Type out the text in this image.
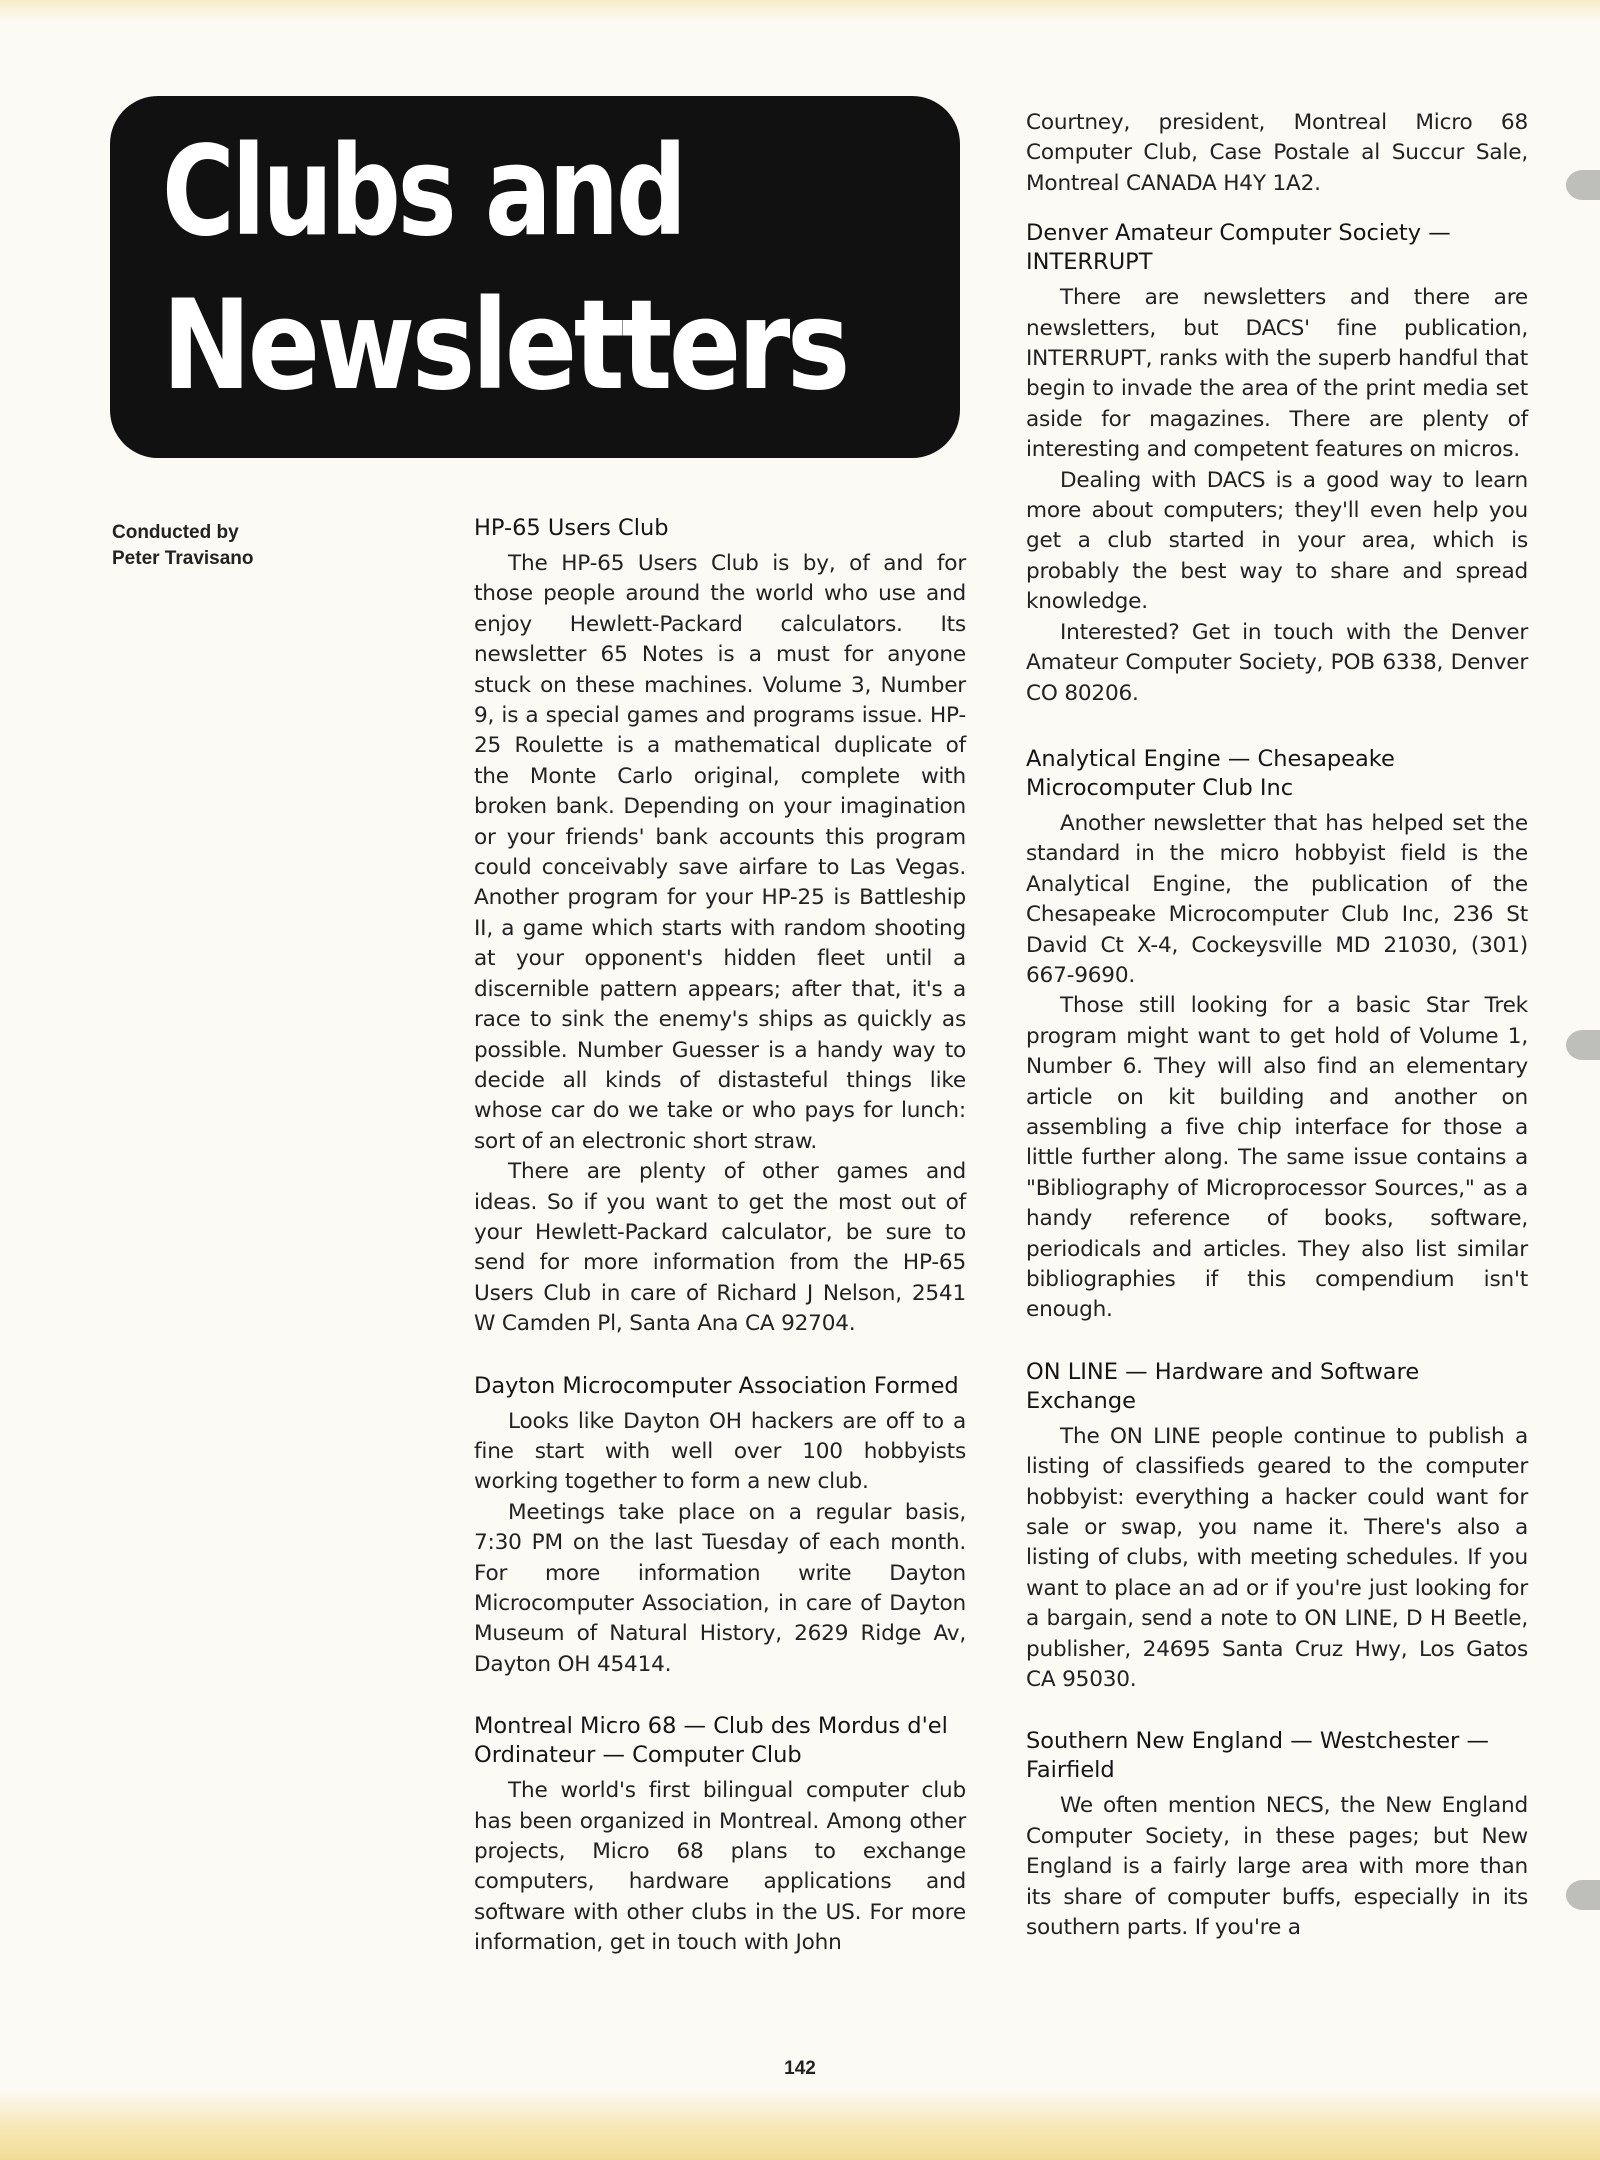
Clubs and
Newsletters
Conducted by
Peter Travisano
HP-65 Users Club

The HP-65 Users Club is by, of and for those people around the world who use and enjoy Hewlett-Packard calculators. Its newsletter 65 Notes is a must for anyone stuck on these machines. Volume 3, Number 9, is a special games and programs issue. HP-25 Roulette is a mathematical duplicate of the Monte Carlo original, complete with broken bank. Depending on your imagination or your friends' bank accounts this program could conceivably save airfare to Las Vegas. Another program for your HP-25 is Battleship II, a game which starts with random shooting at your opponent's hidden fleet until a discernible pattern appears; after that, it's a race to sink the enemy's ships as quickly as possible. Number Guesser is a handy way to decide all kinds of distasteful things like whose car do we take or who pays for lunch: sort of an electronic short straw.

There are plenty of other games and ideas. So if you want to get the most out of your Hewlett-Packard calculator, be sure to send for more information from the HP-65 Users Club in care of Richard J Nelson, 2541 W Camden Pl, Santa Ana CA 92704.

Dayton Microcomputer Association Formed

Looks like Dayton OH hackers are off to a fine start with well over 100 hobbyists working together to form a new club.

Meetings take place on a regular basis, 7:30 PM on the last Tuesday of each month. For more information write Dayton Microcomputer Association, in care of Dayton Museum of Natural History, 2629 Ridge Av, Dayton OH 45414.

Montreal Micro 68 — Club des Mordus d'el Ordinateur — Computer Club

The world's first bilingual computer club has been organized in Montreal. Among other projects, Micro 68 plans to exchange computers, hardware applications and software with other clubs in the US. For more information, get in touch with John

Courtney, president, Montreal Micro 68 Computer Club, Case Postale al Succur Sale, Montreal CANADA H4Y 1A2.

Denver Amateur Computer Society — INTERRUPT

There are newsletters and there are newsletters, but DACS' fine publication, INTERRUPT, ranks with the superb handful that begin to invade the area of the print media set aside for magazines. There are plenty of interesting and competent features on micros.

Dealing with DACS is a good way to learn more about computers; they'll even help you get a club started in your area, which is probably the best way to share and spread knowledge.

Interested? Get in touch with the Denver Amateur Computer Society, POB 6338, Denver CO 80206.

Analytical Engine — Chesapeake Microcomputer Club Inc

Another newsletter that has helped set the standard in the micro hobbyist field is the Analytical Engine, the publication of the Chesapeake Microcomputer Club Inc, 236 St David Ct X-4, Cockeysville MD 21030, (301) 667-9690.

Those still looking for a basic Star Trek program might want to get hold of Volume 1, Number 6. They will also find an elementary article on kit building and another on assembling a five chip interface for those a little further along. The same issue contains a "Bibliography of Microprocessor Sources," as a handy reference of books, software, periodicals and articles. They also list similar bibliographies if this compendium isn't enough.

ON LINE — Hardware and Software Exchange

The ON LINE people continue to publish a listing of classifieds geared to the computer hobbyist: everything a hacker could want for sale or swap, you name it. There's also a listing of clubs, with meeting schedules. If you want to place an ad or if you're just looking for a bargain, send a note to ON LINE, D H Beetle, publisher, 24695 Santa Cruz Hwy, Los Gatos CA 95030.

Southern New England — Westchester — Fairfield

We often mention NECS, the New England Computer Society, in these pages; but New England is a fairly large area with more than its share of computer buffs, especially in its southern parts. If you're a

142
